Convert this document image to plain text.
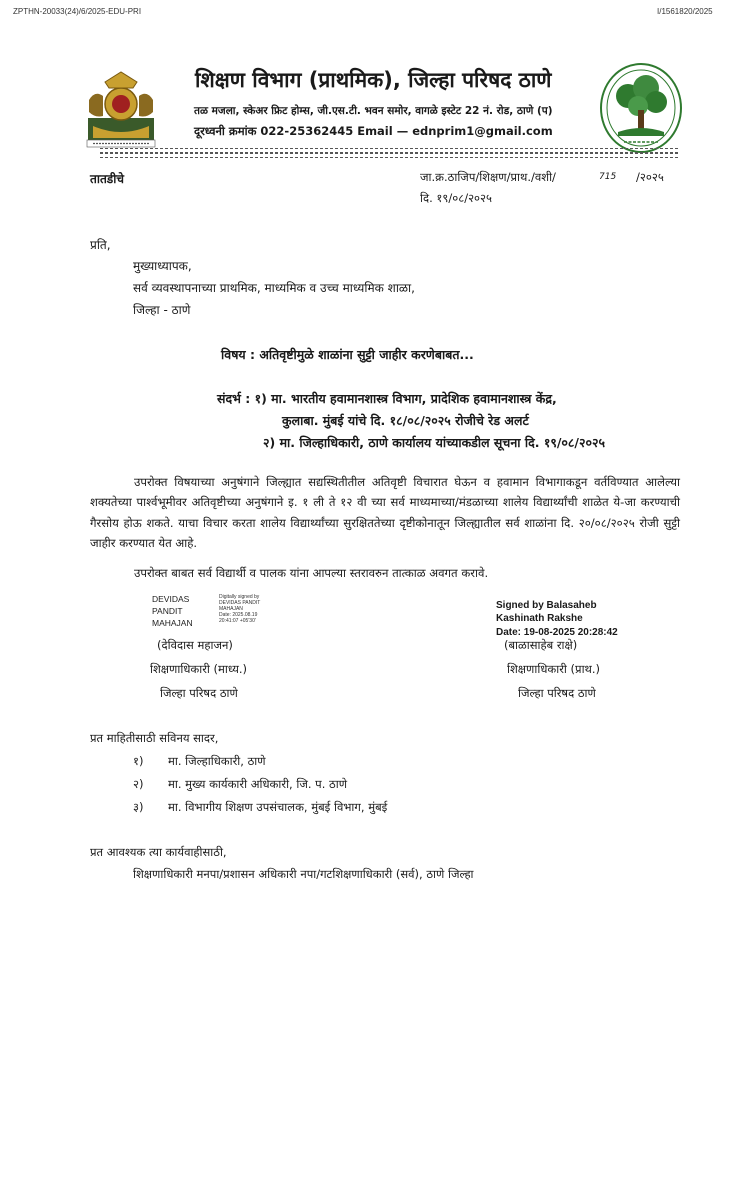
ZPTHN-20033(24)/6/2025-EDU-PRI	I/1561820/2025
शिक्षण विभाग (प्राथमिक), जिल्हा परिषद ठाणे
तळ मजला, स्केअर फ्रिट होम्स, जी.एस.टी. भवन समोर, वागळे इस्टेट 22 नं. रोड, ठाणे (प)
दूरध्वनी क्रमांक 022-25362445 Email — ednprim1@gmail.com
तातडीचे	जा.क्र.ठाजिप/शिक्षण/प्राथ./वशी/	715 /२०२५
दि. १९/०८/२०२५
प्रति,
मुख्याध्यापक,
सर्व व्यवस्थापनाच्या प्राथमिक, माध्यमिक व उच्च माध्यमिक शाळा,
जिल्हा - ठाणे
विषय : अतिवृष्टीमुळे शाळांना सुट्टी जाहीर करणेबाबत...
संदर्भ : १) मा. भारतीय हवामानशास्त्र विभाग, प्रादेशिक हवामानशास्त्र केंद्र,
कुलाबा. मुंबई यांचे दि. १८/०८/२०२५ रोजीचे रेड अलर्ट
२) मा. जिल्हाधिकारी, ठाणे कार्यालय यांच्याकडील सूचना दि. १९/०८/२०२५
उपरोक्त विषयाच्या अनुषंगाने जिल्ह्यात सद्यस्थितीतील अतिवृष्टी विचारात घेऊन व हवामान विभागाकडून वर्तविण्यात आलेल्या शक्यतेच्या पार्श्वभूमीवर अतिवृष्टीच्या अनुषंगाने इ. १ ली ते १२ वी च्या सर्व माध्यमाच्या/मंडळाच्या शालेय विद्यार्थ्यांची शाळेत ये-जा करण्याची गैरसोय होऊ शकते. याचा विचार करता शालेय विद्यार्थ्यांच्या सुरक्षिततेच्या दृष्टीकोनातून जिल्ह्यातील सर्व शाळांना दि. २०/०८/२०२५ रोजी सुट्टी जाहीर करण्यात येत आहे.
उपरोक्त बाबत सर्व विद्यार्थी व पालक यांना आपल्या स्तरावरुन तात्काळ अवगत करावे.
DEVIDAS
PANDIT
MAHAJAN
Digitally signed by
DEVIDAS PANDIT
MAHAJAN
Date: 2025.08.19
20:41:07 +05'30'
(देविदास महाजन)
शिक्षणाधिकारी (माध्य.)
जिल्हा परिषद ठाणे
Signed by Balasaheb
Kashinath Rakshe
Date: 19-08-2025 20:28:42
(बाळासाहेब राक्षे)
शिक्षणाधिकारी (प्राथ.)
जिल्हा परिषद ठाणे
प्रत माहितीसाठी सविनय सादर,
१) मा. जिल्हाधिकारी, ठाणे
२) मा. मुख्य कार्यकारी अधिकारी, जि. प. ठाणे
३) मा. विभागीय शिक्षण उपसंचालक, मुंबई विभाग, मुंबई
प्रत आवश्यक त्या कार्यवाहीसाठी,
शिक्षणाधिकारी मनपा/प्रशासन अधिकारी नपा/गटशिक्षणाधिकारी (सर्व), ठाणे जिल्हा
